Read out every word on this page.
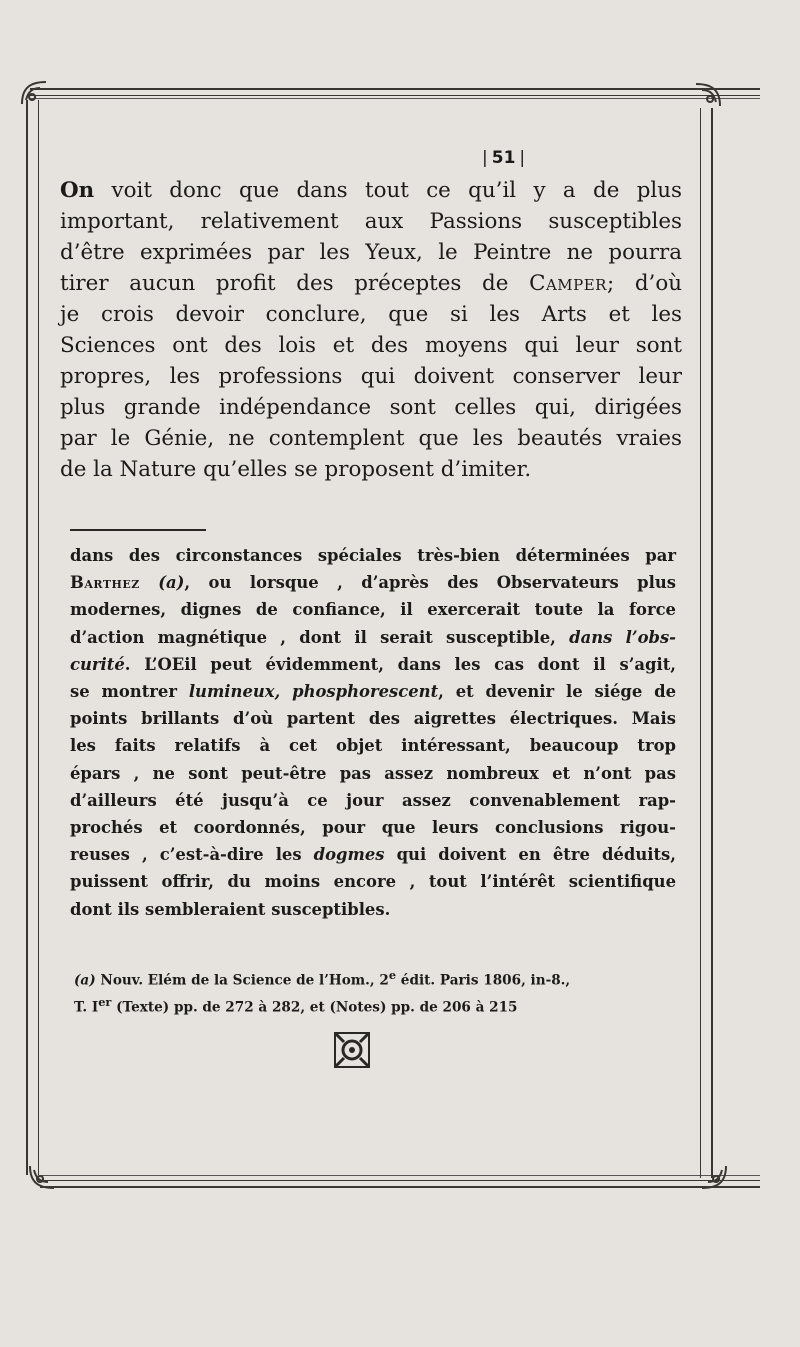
| 51 |
On voit donc que dans tout ce qu’il y a de plus
important, relativement aux Passions susceptibles
d’être exprimées par les Yeux, le Peintre ne pourra
tirer aucun profit des préceptes de Camper; d’où
je crois devoir conclure, que si les Arts et les
Sciences ont des lois et des moyens qui leur sont
propres, les professions qui doivent conserver leur
plus grande indépendance sont celles qui, dirigées
par le Génie, ne contemplent que les beautés vraies
de la Nature qu’elles se proposent d’imiter.
dans des circonstances spéciales très-bien déterminées par
Barthez (a), ou lorsque , d’après des Observateurs plus
modernes, dignes de confiance, il exercerait toute la force
d’action magnétique , dont il serait susceptible, dans l’obs-
curité. L’OEil peut évidemment, dans les cas dont il s’agit,
se montrer lumineux, phosphorescent, et devenir le siége de
points brillants d’où partent des aigrettes électriques. Mais
les faits relatifs à cet objet intéressant, beaucoup trop
épars , ne sont peut-être pas assez nombreux et n’ont pas
d’ailleurs été jusqu’à ce jour assez convenablement rap-
prochés et coordonnés, pour que leurs conclusions rigou-
reuses , c’est-à-dire les dogmes qui doivent en être déduits,
puissent offrir, du moins encore , tout l’intérêt scientifique
dont ils sembleraient susceptibles.
(a) Nouv. Elém de la Science de l’Hom., 2e édit. Paris 1806, in-8.,
T. Ier (Texte) pp. de 272 à 282, et (Notes) pp. de 206 à 215
